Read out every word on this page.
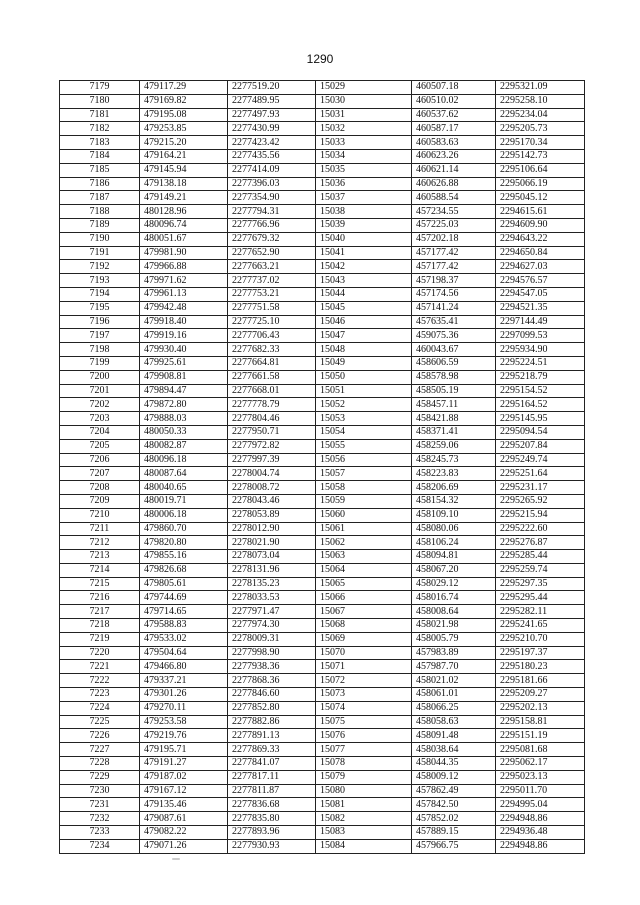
1290
7179	479117.29	2277519.20	15029	460507.18	2295321.09
7180	479169.82	2277489.95	15030	460510.02	2295258.10
7181	479195.08	2277497.93	15031	460537.62	2295234.04
7182	479253.85	2277430.99	15032	460587.17	2295205.73
7183	479215.20	2277423.42	15033	460583.63	2295170.34
7184	479164.21	2277435.56	15034	460623.26	2295142.73
7185	479145.94	2277414.09	15035	460621.14	2295106.64
7186	479138.18	2277396.03	15036	460626.88	2295066.19
7187	479149.21	2277354.90	15037	460588.54	2295045.12
7188	480128.96	2277794.31	15038	457234.55	2294615.61
7189	480096.74	2277766.96	15039	457225.03	2294609.90
7190	480051.67	2277679.32	15040	457202.18	2294643.22
7191	479981.90	2277652.90	15041	457177.42	2294650.84
7192	479966.88	2277663.21	15042	457177.42	2294627.03
7193	479971.62	2277737.02	15043	457198.37	2294576.57
7194	479961.13	2277753.21	15044	457174.56	2294547.05
7195	479942.48	2277751.58	15045	457141.24	2294521.35
7196	479918.40	2277725.10	15046	457635.41	2297144.49
7197	479919.16	2277706.43	15047	459075.36	2297099.53
7198	479930.40	2277682.33	15048	460043.67	2295934.90
7199	479925.61	2277664.81	15049	458606.59	2295224.51
7200	479908.81	2277661.58	15050	458578.98	2295218.79
7201	479894.47	2277668.01	15051	458505.19	2295154.52
7202	479872.80	2277778.79	15052	458457.11	2295164.52
7203	479888.03	2277804.46	15053	458421.88	2295145.95
7204	480050.33	2277950.71	15054	458371.41	2295094.54
7205	480082.87	2277972.82	15055	458259.06	2295207.84
7206	480096.18	2277997.39	15056	458245.73	2295249.74
7207	480087.64	2278004.74	15057	458223.83	2295251.64
7208	480040.65	2278008.72	15058	458206.69	2295231.17
7209	480019.71	2278043.46	15059	458154.32	2295265.92
7210	480006.18	2278053.89	15060	458109.10	2295215.94
7211	479860.70	2278012.90	15061	458080.06	2295222.60
7212	479820.80	2278021.90	15062	458106.24	2295276.87
7213	479855.16	2278073.04	15063	458094.81	2295285.44
7214	479826.68	2278131.96	15064	458067.20	2295259.74
7215	479805.61	2278135.23	15065	458029.12	2295297.35
7216	479744.69	2278033.53	15066	458016.74	2295295.44
7217	479714.65	2277971.47	15067	458008.64	2295282.11
7218	479588.83	2277974.30	15068	458021.98	2295241.65
7219	479533.02	2278009.31	15069	458005.79	2295210.70
7220	479504.64	2277998.90	15070	457983.89	2295197.37
7221	479466.80	2277938.36	15071	457987.70	2295180.23
7222	479337.21	2277868.36	15072	458021.02	2295181.66
7223	479301.26	2277846.60	15073	458061.01	2295209.27
7224	479270.11	2277852.80	15074	458066.25	2295202.13
7225	479253.58	2277882.86	15075	458058.63	2295158.81
7226	479219.76	2277891.13	15076	458091.48	2295151.19
7227	479195.71	2277869.33	15077	458038.64	2295081.68
7228	479191.27	2277841.07	15078	458044.35	2295062.17
7229	479187.02	2277817.11	15079	458009.12	2295023.13
7230	479167.12	2277811.87	15080	457862.49	2295011.70
7231	479135.46	2277836.68	15081	457842.50	2294995.04
7232	479087.61	2277835.80	15082	457852.02	2294948.86
7233	479082.22	2277893.96	15083	457889.15	2294936.48
7234	479071.26	2277930.93	15084	457966.75	2294948.86
